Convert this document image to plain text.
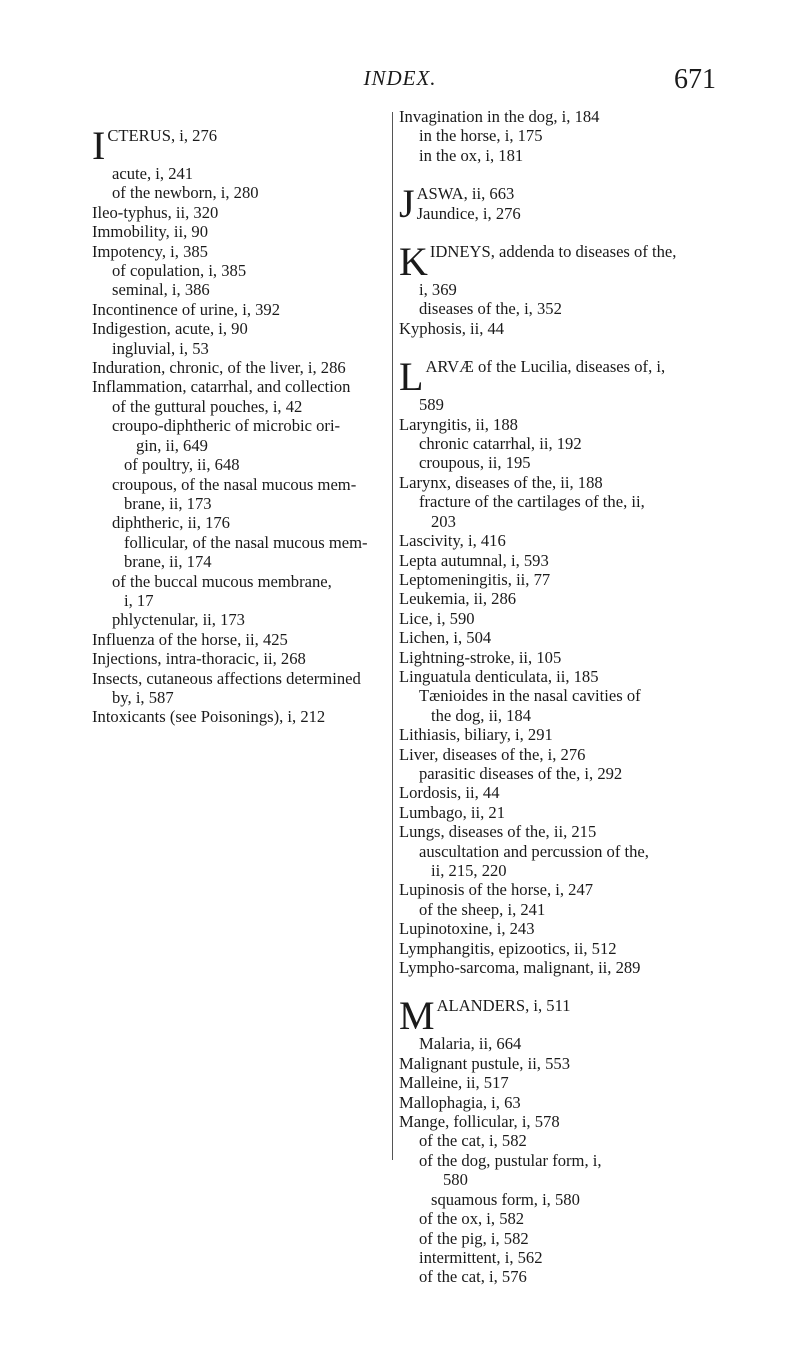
INDEX.	671
I CTERUS, i, 276
acute, i, 241
of the newborn, i, 280
Ileo-typhus, ii, 320
Immobility, ii, 90
Impotency, i, 385
of copulation, i, 385
seminal, i, 386
Incontinence of urine, i, 392
Indigestion, acute, i, 90
ingluvial, i, 53
Induration, chronic, of the liver, i, 286
Inflammation, catarrhal, and collection
of the guttural pouches, i, 42
croupo-diphtheric of microbic ori-
gin, ii, 649
of poultry, ii, 648
croupous, of the nasal mucous mem-
brane, ii, 173
diphtheric, ii, 176
follicular, of the nasal mucous mem-
brane, ii, 174
of the buccal mucous membrane,
i, 17
phlyctenular, ii, 173
Influenza of the horse, ii, 425
Injections, intra-thoracic, ii, 268
Insects, cutaneous affections determined
by, i, 587
Intoxicants (see Poisonings), i, 212
Invagination in the dog, i, 184
in the horse, i, 175
in the ox, i, 181
J ASWA, ii, 663
Jaundice, i, 276
K IDNEYS, addenda to diseases of the,
i, 369
diseases of the, i, 352
Kyphosis, ii, 44
L ARVÆ of the Lucilia, diseases of, i,
589
Laryngitis, ii, 188
chronic catarrhal, ii, 192
croupous, ii, 195
Larynx, diseases of the, ii, 188
fracture of the cartilages of the, ii,
203
Lascivity, i, 416
Lepta autumnal, i, 593
Leptomeningitis, ii, 77
Leukemia, ii, 286
Lice, i, 590
Lichen, i, 504
Lightning-stroke, ii, 105
Linguatula denticulata, ii, 185
Tænioides in the nasal cavities of
the dog, ii, 184
Lithiasis, biliary, i, 291
Liver, diseases of the, i, 276
parasitic diseases of the, i, 292
Lordosis, ii, 44
Lumbago, ii, 21
Lungs, diseases of the, ii, 215
auscultation and percussion of the,
ii, 215, 220
Lupinosis of the horse, i, 247
of the sheep, i, 241
Lupinotoxine, i, 243
Lymphangitis, epizootics, ii, 512
Lympho-sarcoma, malignant, ii, 289
M ALANDERS, i, 511
Malaria, ii, 664
Malignant pustule, ii, 553
Malleine, ii, 517
Mallophagia, i, 63
Mange, follicular, i, 578
of the cat, i, 582
of the dog, pustular form, i,
580
squamous form, i, 580
of the ox, i, 582
of the pig, i, 582
intermittent, i, 562
of the cat, i, 576
